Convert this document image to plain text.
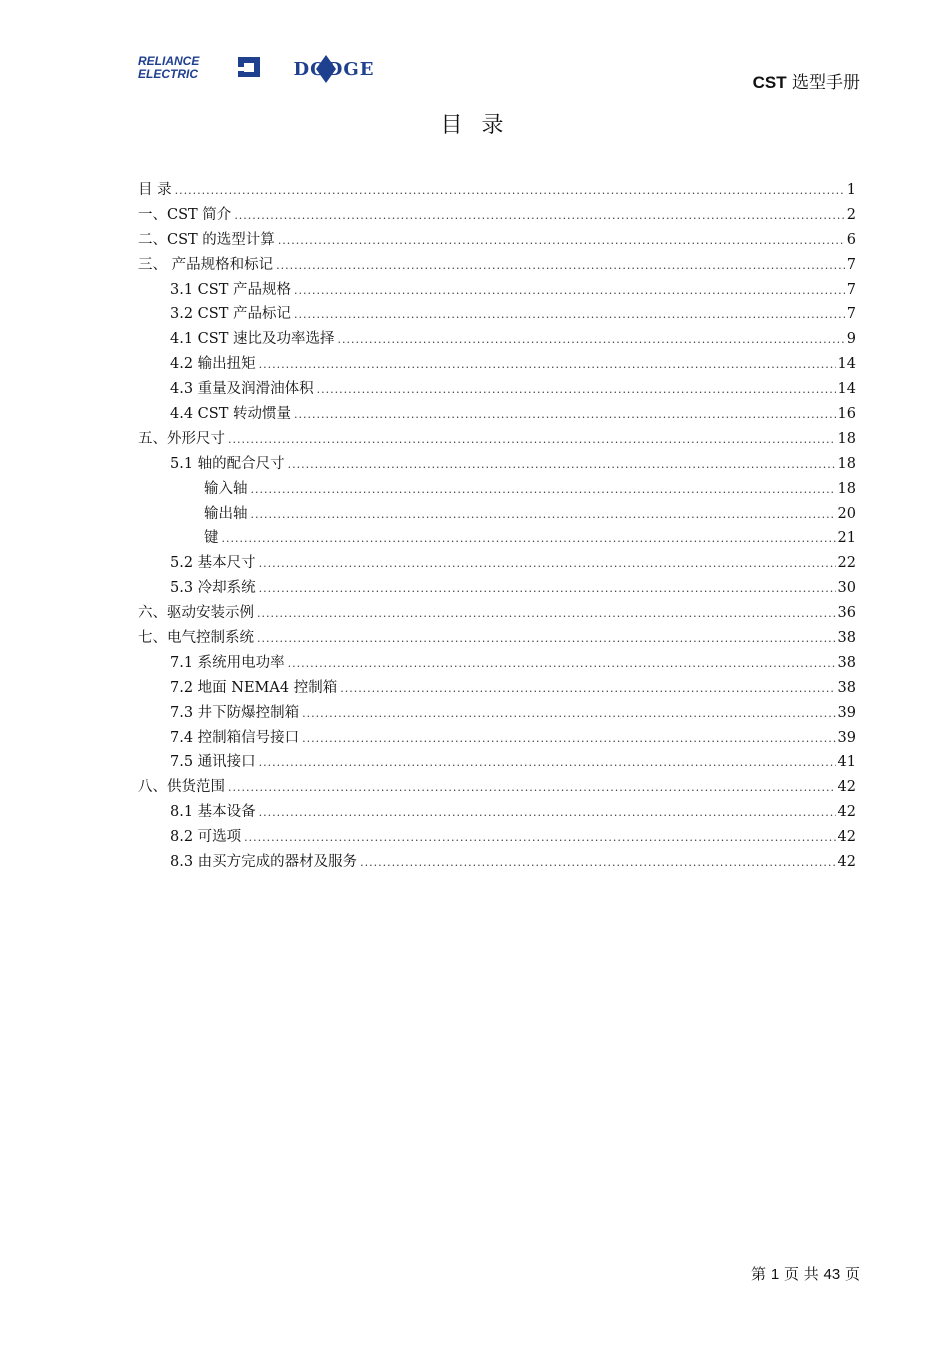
RELIANCE
ELECTRIC	DODGE
CST 选型手册
目 录
目 录 .....	1
一、CST 简介 .....	2
二、CST 的选型计算 .....	6
三、 产品规格和标记 .....	7
3.1 CST 产品规格 .....	7
3.2 CST 产品标记 .....	7
4.1 CST 速比及功率选择 .....	9
4.2 输出扭矩 .....	14
4.3 重量及润滑油体积 .....	14
4.4 CST 转动惯量 .....	16
五、外形尺寸 .....	18
5.1 轴的配合尺寸 .....	18
输入轴 .....	18
输出轴 .....	20
键 .....	21
5.2 基本尺寸 .....	22
5.3 冷却系统 .....	30
六、驱动安装示例 .....	36
七、电气控制系统 .....	38
7.1 系统用电功率 .....	38
7.2 地面 NEMA4 控制箱 .....	38
7.3 井下防爆控制箱 .....	39
7.4 控制箱信号接口 .....	39
7.5 通讯接口 .....	41
八、供货范围 .....	42
8.1 基本设备 .....	42
8.2 可选项 .....	42
8.3 由买方完成的器材及服务 .....	42
第 1 页 共 43 页
